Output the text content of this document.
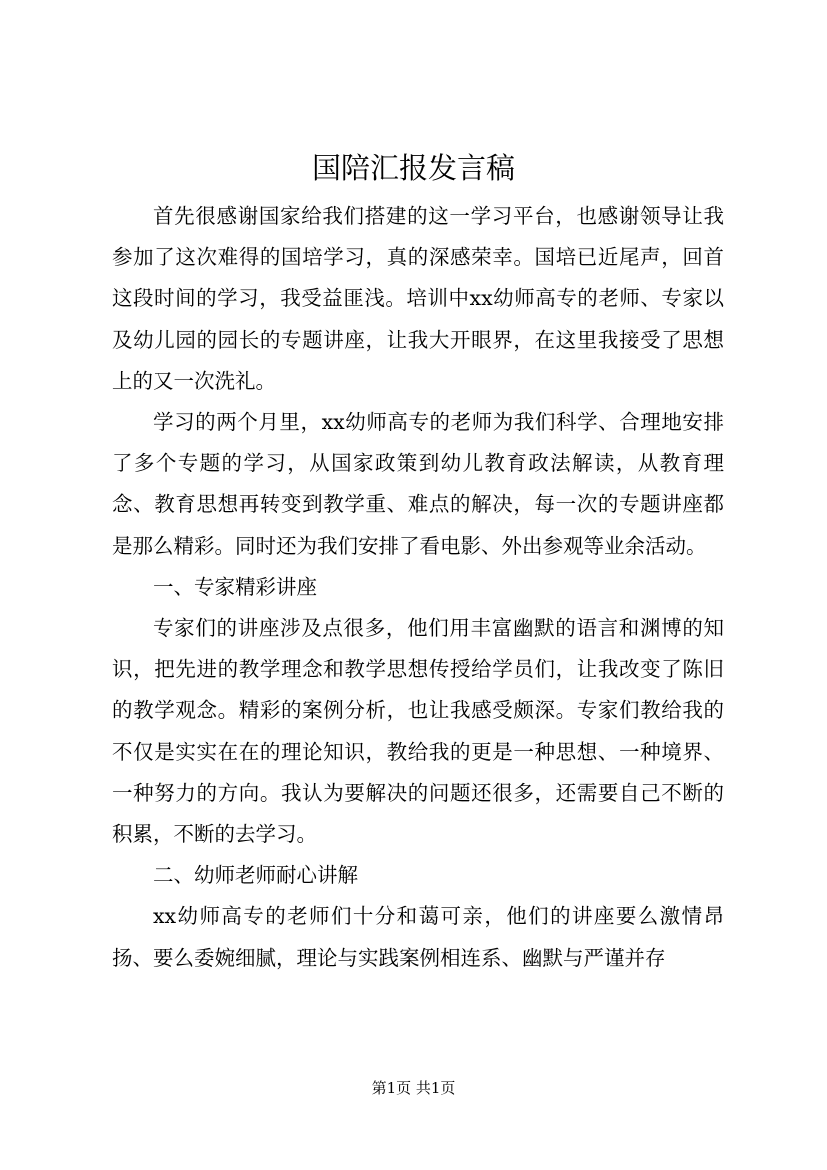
国陪汇报发言稿

首先很感谢国家给我们搭建的这一学习平台，也感谢领导让我参加了这次难得的国培学习，真的深感荣幸。国培已近尾声，回首这段时间的学习，我受益匪浅。培训中xx幼师高专的老师、专家以及幼儿园的园长的专题讲座，让我大开眼界，在这里我接受了思想上的又一次洗礼。

学习的两个月里，xx幼师高专的老师为我们科学、合理地安排了多个专题的学习，从国家政策到幼儿教育政法解读，从教育理念、教育思想再转变到教学重、难点的解决，每一次的专题讲座都是那么精彩。同时还为我们安排了看电影、外出参观等业余活动。

一、专家精彩讲座

专家们的讲座涉及点很多，他们用丰富幽默的语言和渊博的知识，把先进的教学理念和教学思想传授给学员们，让我改变了陈旧的教学观念。精彩的案例分析，也让我感受颇深。专家们教给我的不仅是实实在在的理论知识，教给我的更是一种思想、一种境界、一种努力的方向。我认为要解决的问题还很多，还需要自己不断的积累，不断的去学习。

二、幼师老师耐心讲解

xx幼师高专的老师们十分和蔼可亲，他们的讲座要么激情昂扬、要么委婉细腻，理论与实践案例相连系、幽默与严谨并存

第1页 共1页
